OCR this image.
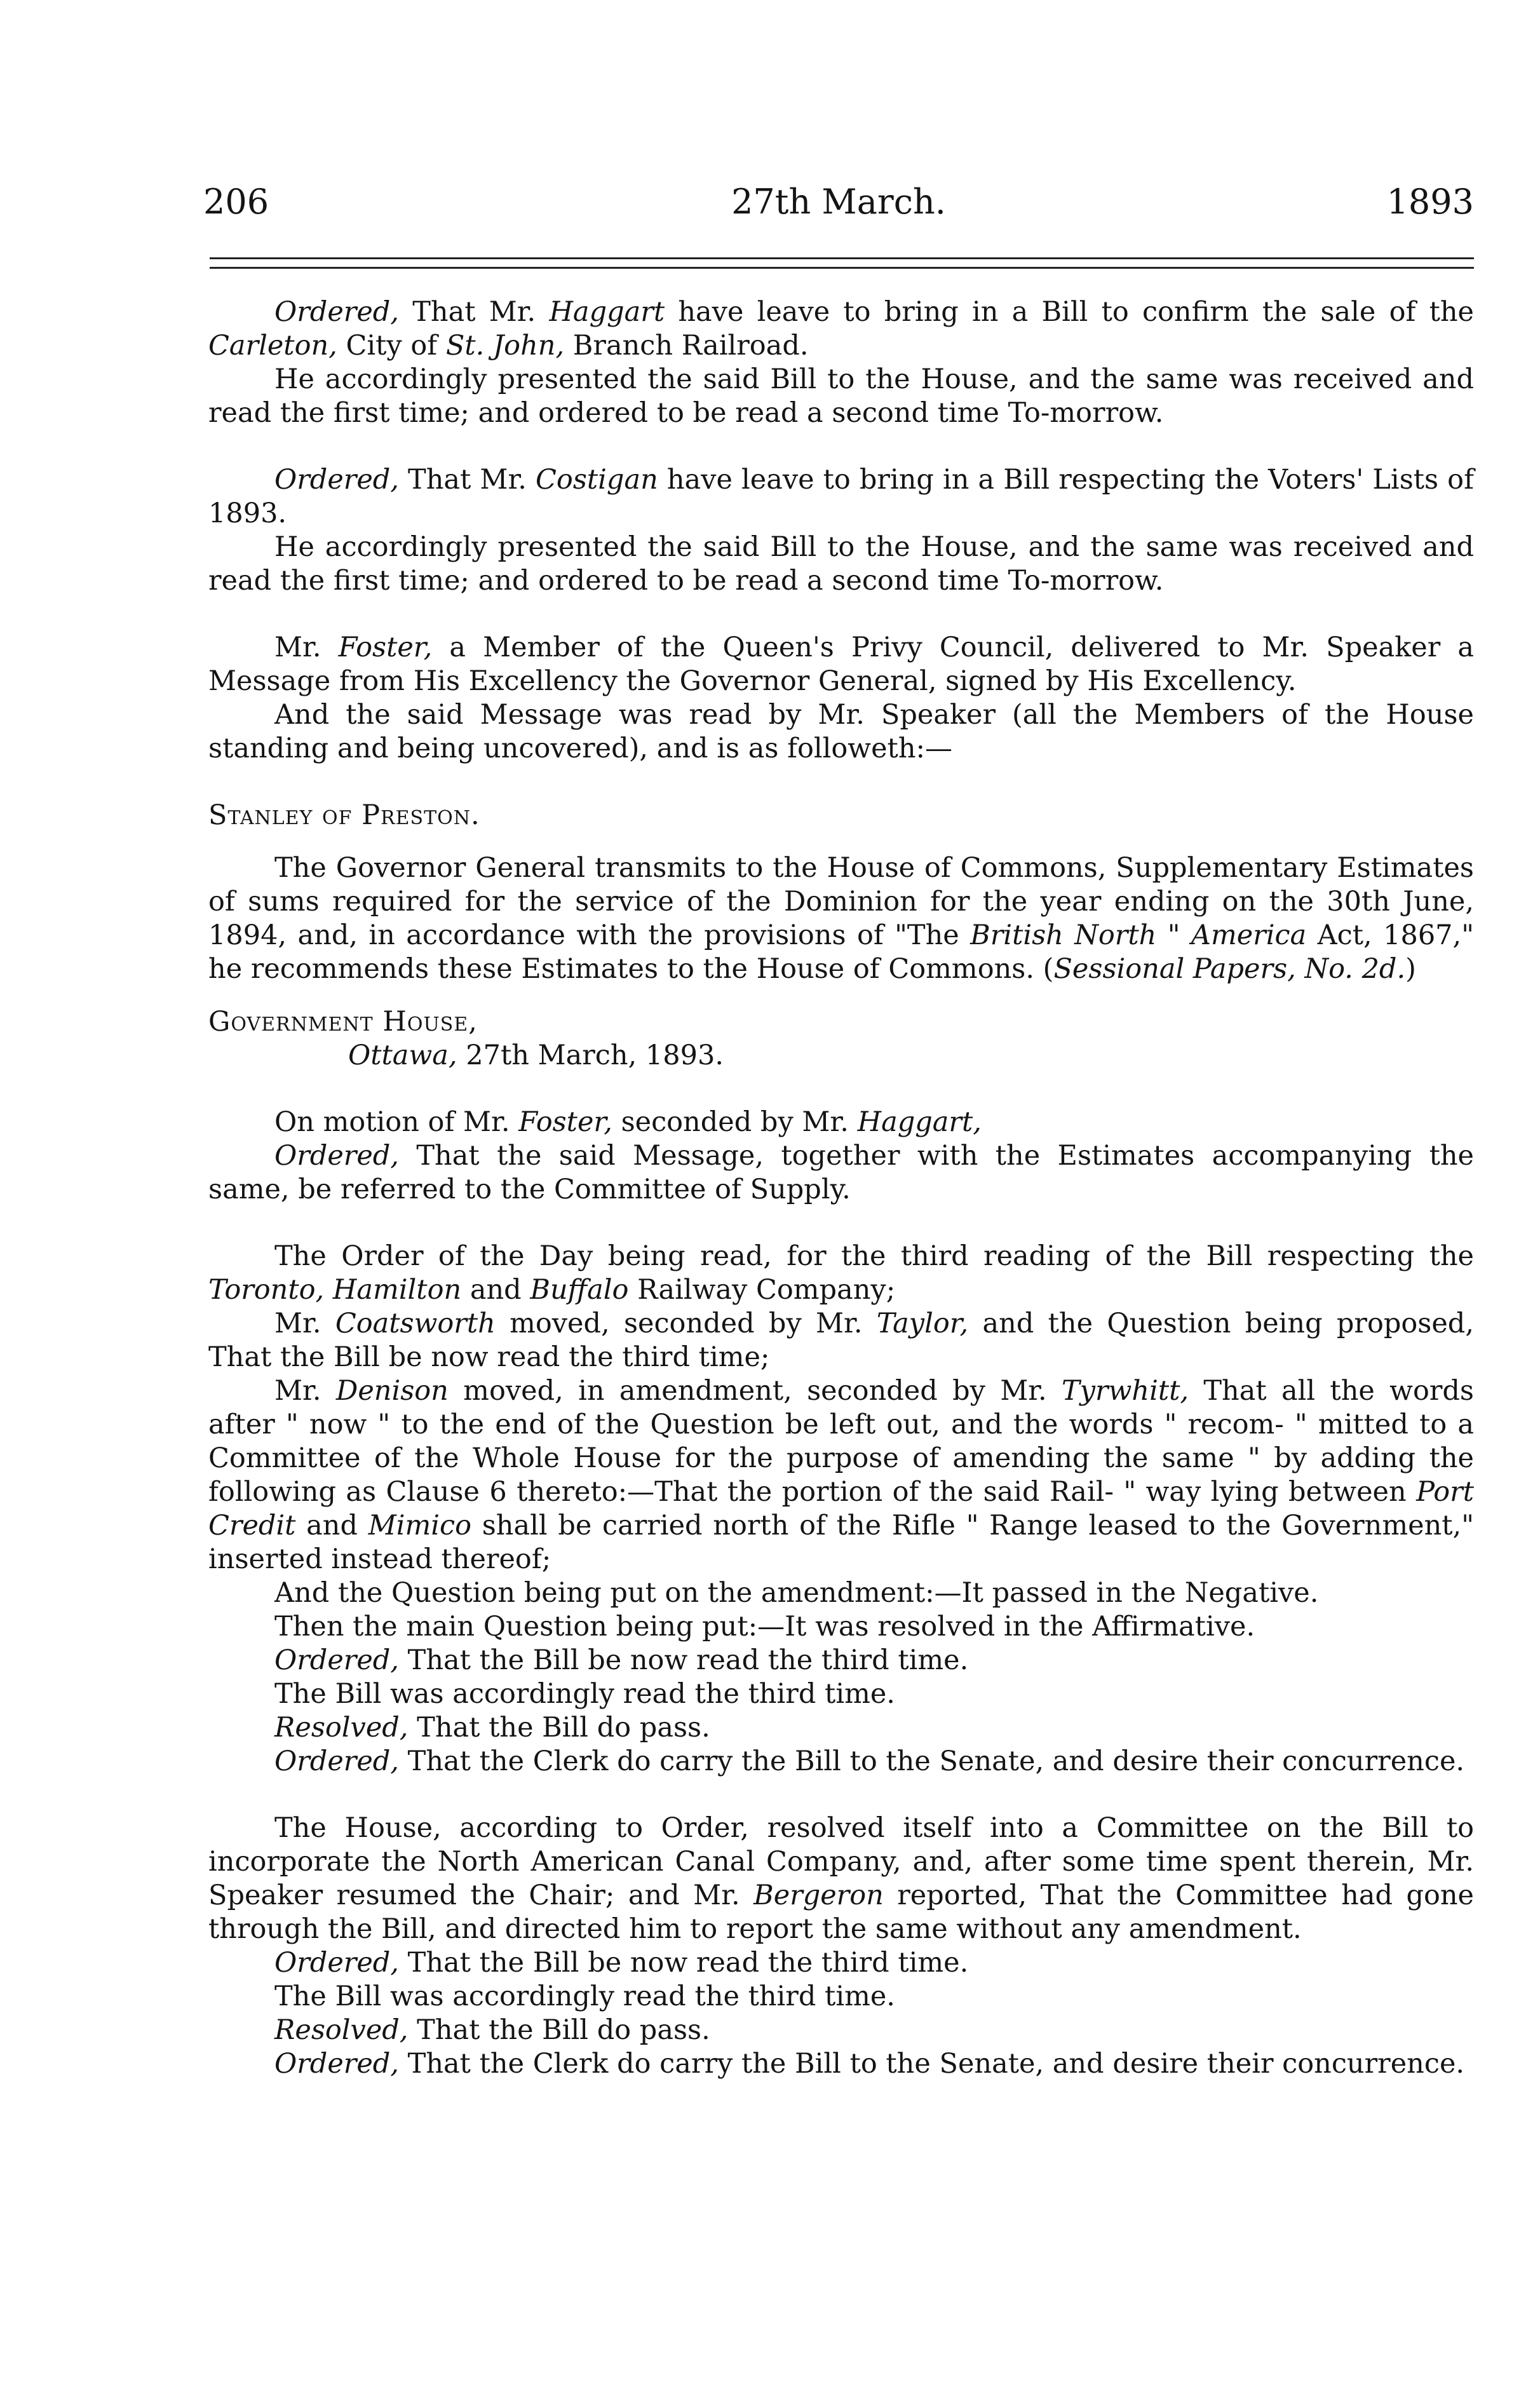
206	27th March.	1893

Ordered, That Mr. Haggart have leave to bring in a Bill to confirm the sale of the Carleton, City of St. John, Branch Railroad.

He accordingly presented the said Bill to the House, and the same was received and read the first time; and ordered to be read a second time To-morrow.

Ordered, That Mr. Costigan have leave to bring in a Bill respecting the Voters' Lists of 1893.

He accordingly presented the said Bill to the House, and the same was received and read the first time; and ordered to be read a second time To-morrow.

Mr. Foster, a Member of the Queen's Privy Council, delivered to Mr. Speaker a Message from His Excellency the Governor General, signed by His Excellency.

And the said Message was read by Mr. Speaker (all the Members of the House standing and being uncovered), and is as followeth:—

Stanley of Preston.

The Governor General transmits to the House of Commons, Supplementary Estimates of sums required for the service of the Dominion for the year ending on the 30th June, 1894, and, in accordance with the provisions of "The British North " America Act, 1867," he recommends these Estimates to the House of Commons. (Sessional Papers, No. 2d.)

Government House,

Ottawa, 27th March, 1893.

On motion of Mr. Foster, seconded by Mr. Haggart,

Ordered, That the said Message, together with the Estimates accompanying the same, be referred to the Committee of Supply.

The Order of the Day being read, for the third reading of the Bill respecting the Toronto, Hamilton and Buffalo Railway Company;

Mr. Coatsworth moved, seconded by Mr. Taylor, and the Question being proposed, That the Bill be now read the third time;

Mr. Denison moved, in amendment, seconded by Mr. Tyrwhitt, That all the words after " now " to the end of the Question be left out, and the words " recom- " mitted to a Committee of the Whole House for the purpose of amending the same " by adding the following as Clause 6 thereto:—That the portion of the said Rail- " way lying between Port Credit and Mimico shall be carried north of the Rifle " Range leased to the Government," inserted instead thereof;

And the Question being put on the amendment:—It passed in the Negative.

Then the main Question being put:—It was resolved in the Affirmative.

Ordered, That the Bill be now read the third time.

The Bill was accordingly read the third time.

Resolved, That the Bill do pass.

Ordered, That the Clerk do carry the Bill to the Senate, and desire their concurrence.

The House, according to Order, resolved itself into a Committee on the Bill to incorporate the North American Canal Company, and, after some time spent therein, Mr. Speaker resumed the Chair; and Mr. Bergeron reported, That the Committee had gone through the Bill, and directed him to report the same without any amendment.

Ordered, That the Bill be now read the third time.

The Bill was accordingly read the third time.

Resolved, That the Bill do pass.

Ordered, That the Clerk do carry the Bill to the Senate, and desire their concurrence.
